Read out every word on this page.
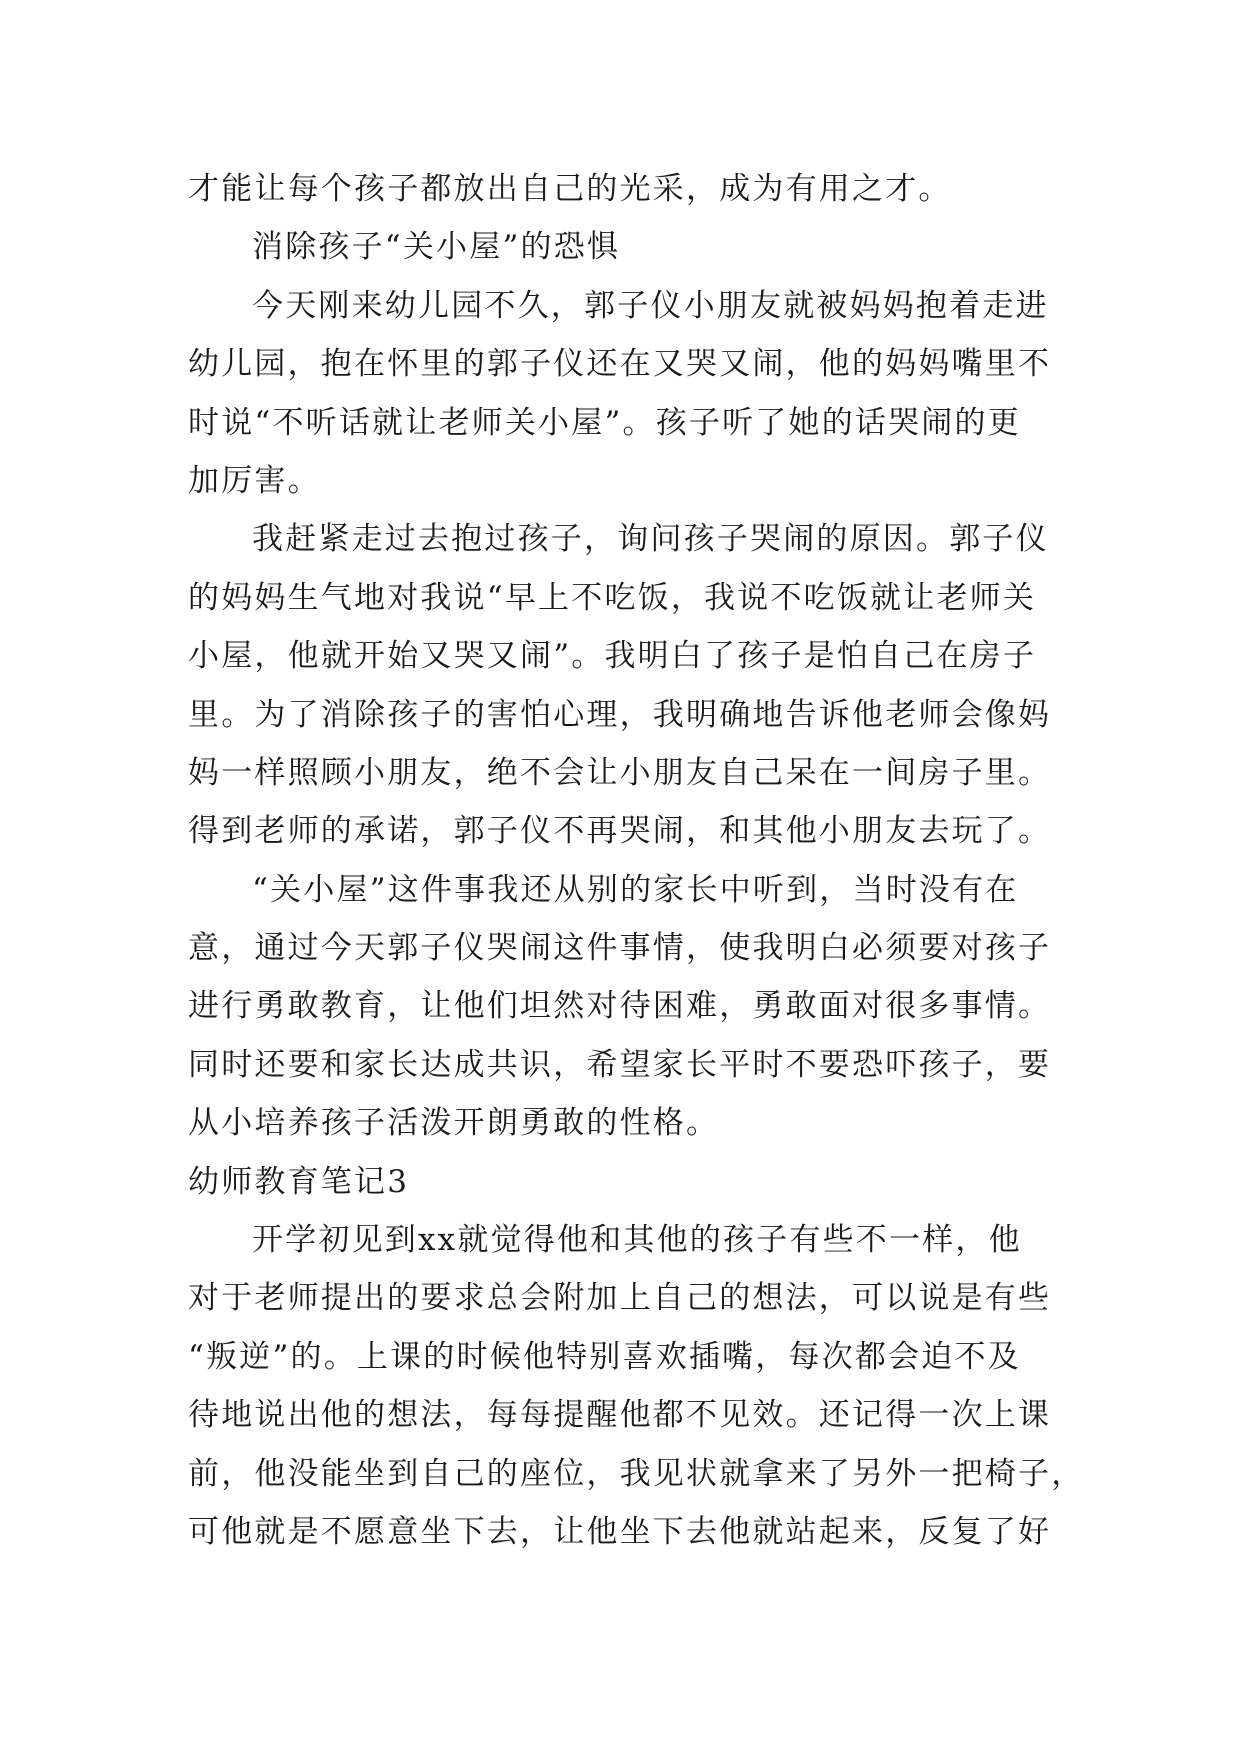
才能让每个孩子都放出自己的光采，成为有用之才。
消除孩子“关小屋”的恐惧
今天刚来幼儿园不久，郭子仪小朋友就被妈妈抱着走进
幼儿园，抱在怀里的郭子仪还在又哭又闹，他的妈妈嘴里不
时说“不听话就让老师关小屋”。孩子听了她的话哭闹的更
加厉害。
我赶紧走过去抱过孩子，询问孩子哭闹的原因。郭子仪
的妈妈生气地对我说“早上不吃饭，我说不吃饭就让老师关
小屋，他就开始又哭又闹”。我明白了孩子是怕自己在房子
里。为了消除孩子的害怕心理，我明确地告诉他老师会像妈
妈一样照顾小朋友，绝不会让小朋友自己呆在一间房子里。
得到老师的承诺，郭子仪不再哭闹，和其他小朋友去玩了。
“关小屋”这件事我还从别的家长中听到，当时没有在
意，通过今天郭子仪哭闹这件事情，使我明白必须要对孩子
进行勇敢教育，让他们坦然对待困难，勇敢面对很多事情。
同时还要和家长达成共识，希望家长平时不要恐吓孩子，要
从小培养孩子活泼开朗勇敢的性格。
幼师教育笔记3
开学初见到xx就觉得他和其他的孩子有些不一样，他
对于老师提出的要求总会附加上自己的想法，可以说是有些
“叛逆”的。上课的时候他特别喜欢插嘴，每次都会迫不及
待地说出他的想法，每每提醒他都不见效。还记得一次上课
前，他没能坐到自己的座位，我见状就拿来了另外一把椅子，
可他就是不愿意坐下去，让他坐下去他就站起来，反复了好
